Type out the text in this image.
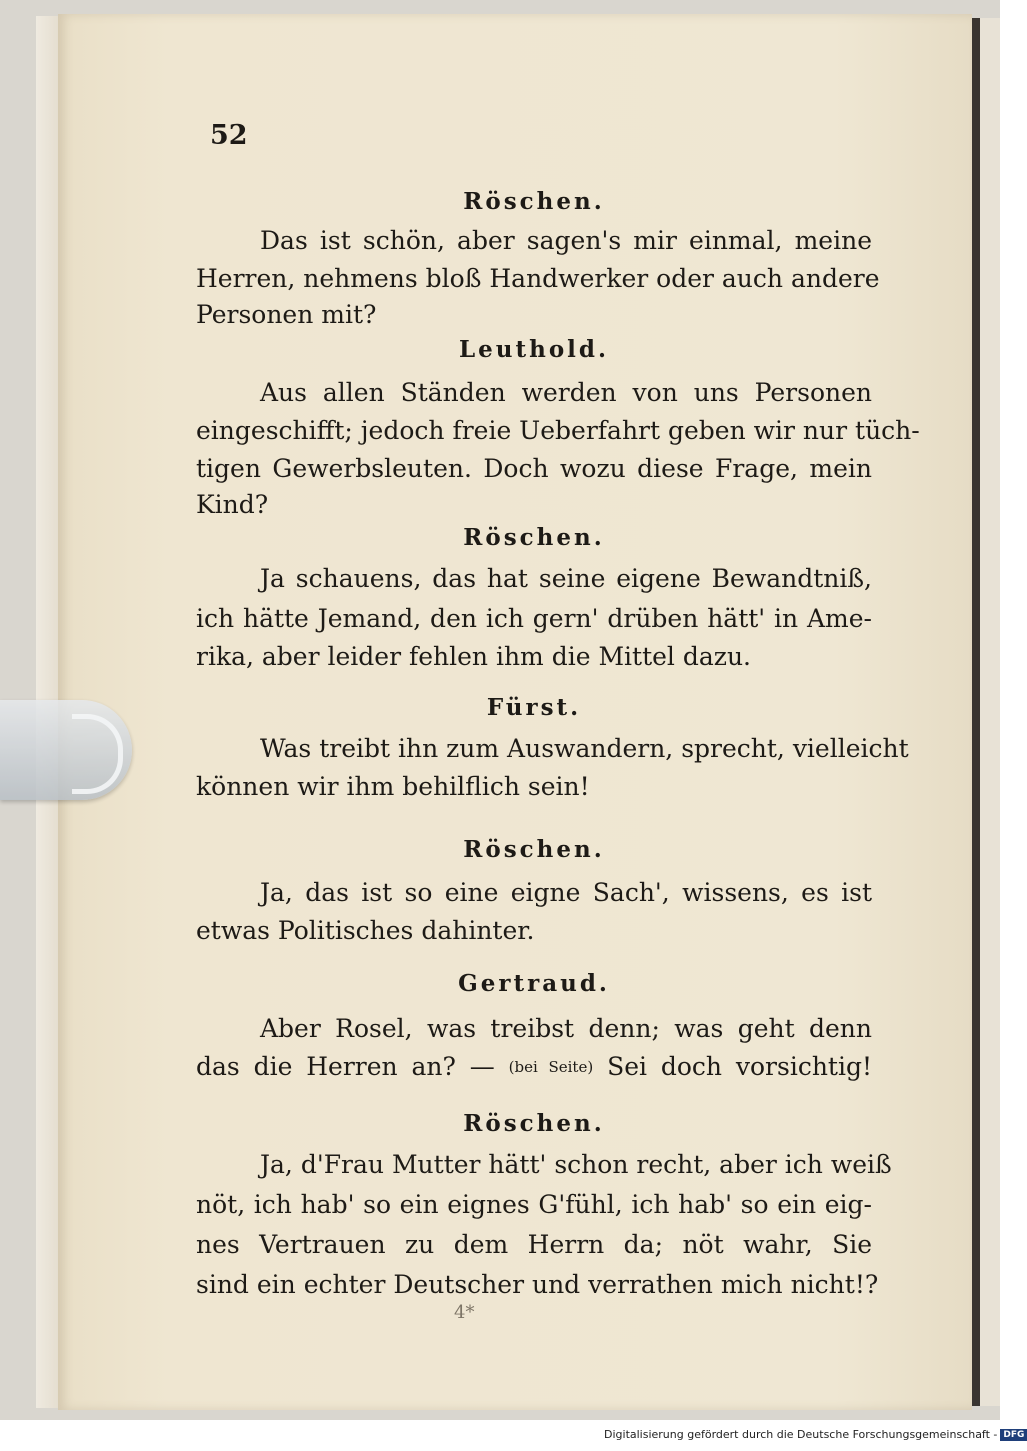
52
Röschen.
Das ist schön, aber sagen's mir einmal, meine
Herren, nehmens bloß Handwerker oder auch andere
Personen mit?
Leuthold.
Aus allen Ständen werden von uns Personen
eingeschifft; jedoch freie Ueberfahrt geben wir nur tüch-
tigen Gewerbsleuten. Doch wozu diese Frage, mein
Kind?
Röschen.
Ja schauens, das hat seine eigene Bewandtniß,
ich hätte Jemand, den ich gern' drüben hätt' in Ame-
rika, aber leider fehlen ihm die Mittel dazu.
Fürst.
Was treibt ihn zum Auswandern, sprecht, vielleicht
können wir ihm behilflich sein!
Röschen.
Ja, das ist so eine eigne Sach', wissens, es ist
etwas Politisches dahinter.
Gertraud.
Aber Rosel, was treibst denn; was geht denn
das die Herren an? — (bei Seite) Sei doch vorsichtig!
Röschen.
Ja, d'Frau Mutter hätt' schon recht, aber ich weiß
nöt, ich hab' so ein eignes G'fühl, ich hab' so ein eig-
nes Vertrauen zu dem Herrn da; nöt wahr, Sie
sind ein echter Deutscher und verrathen mich nicht!?
4*
Digitalisierung gefördert durch die Deutsche Forschungsgemeinschaft - DFG
